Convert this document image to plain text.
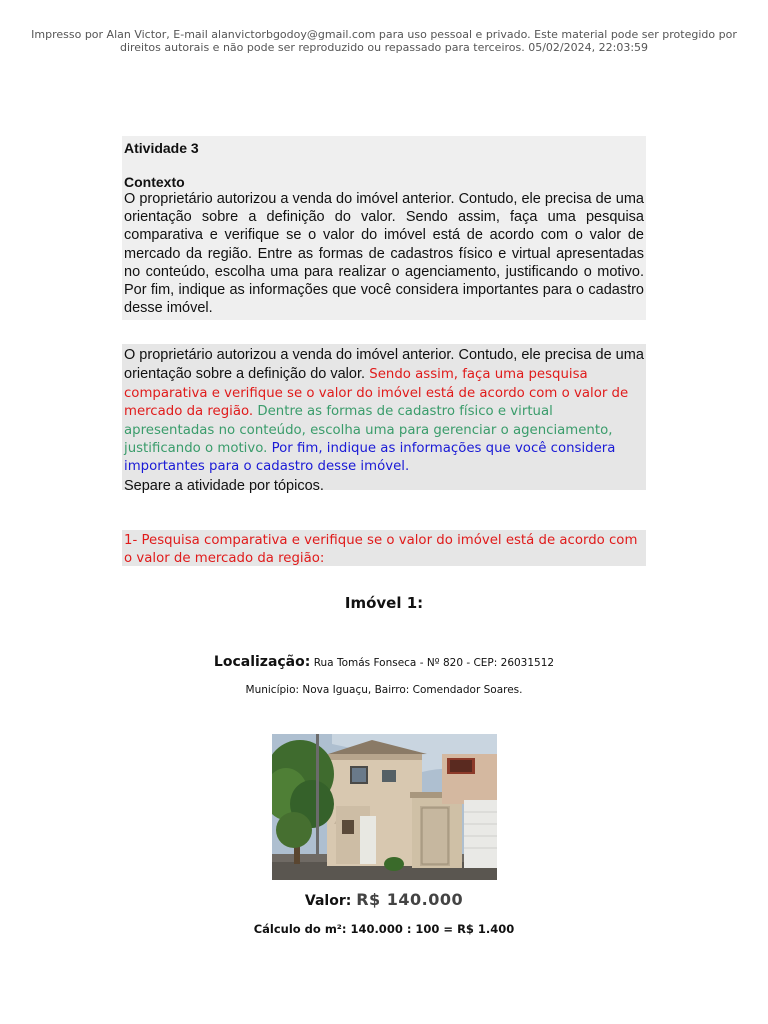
Impresso por Alan Victor, E-mail alanvictorbgodoy@gmail.com para uso pessoal e privado. Este material pode ser protegido por
direitos autorais e não pode ser reproduzido ou repassado para terceiros. 05/02/2024, 22:03:59

Atividade 3

Contexto

O proprietário autorizou a venda do imóvel anterior. Contudo, ele precisa de uma orientação sobre a definição do valor. Sendo assim, faça uma pesquisa comparativa e verifique se o valor do imóvel está de acordo com o valor de mercado da região. Entre as formas de cadastros físico e virtual apresentadas no conteúdo, escolha uma para realizar o agenciamento, justificando o motivo. Por fim, indique as informações que você considera importantes para o cadastro desse imóvel.

O proprietário autorizou a venda do imóvel anterior. Contudo, ele precisa de uma orientação sobre a definição do valor. Sendo assim, faça uma pesquisa comparativa e verifique se o valor do imóvel está de acordo com o valor de mercado da região. Dentre as formas de cadastro físico e virtual apresentadas no conteúdo, escolha uma para gerenciar o agenciamento, justificando o motivo. Por fim, indique as informações que você considera importantes para o cadastro desse imóvel.
Separe a atividade por tópicos.

1- Pesquisa comparativa e verifique se o valor do imóvel está de acordo com o valor de mercado da região:

Imóvel 1:
Localização: Rua Tomás Fonseca - Nº 820 - CEP: 26031512
Município: Nova Iguaçu, Bairro: Comendador Soares.
Valor: R$ 140.000
Cálculo do m²: 140.000 : 100 = R$ 1.400
